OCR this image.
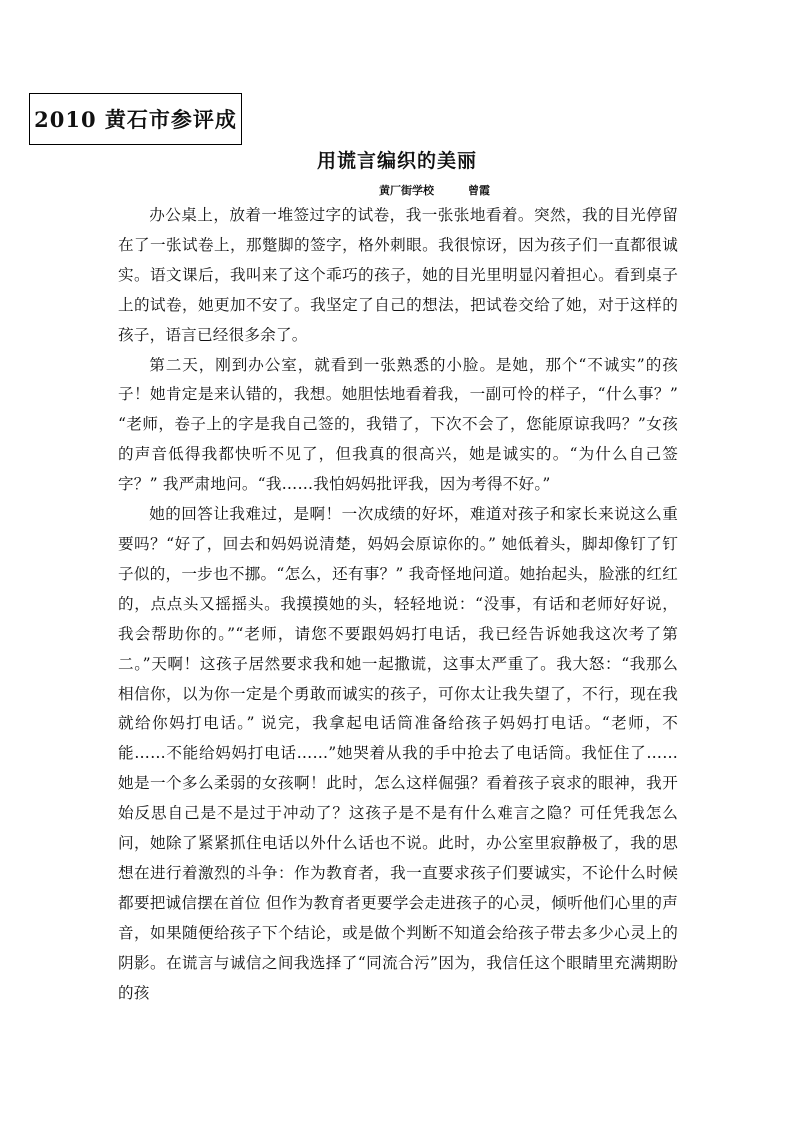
2010 黄石市参评成
用谎言编织的美丽
黄厂街学校	曾霞

办公桌上，放着一堆签过字的试卷，我一张张地看着。突然，我的目光停留在了一张试卷上，那蹩脚的签字，格外刺眼。我很惊讶，因为孩子们一直都很诚实。语文课后，我叫来了这个乖巧的孩子，她的目光里明显闪着担心。看到桌子上的试卷，她更加不安了。我坚定了自己的想法，把试卷交给了她，对于这样的孩子，语言已经很多余了。

第二天，刚到办公室，就看到一张熟悉的小脸。是她，那个“不诚实”的孩子！她肯定是来认错的，我想。她胆怯地看着我，一副可怜的样子，“什么事？” “老师，卷子上的字是我自己签的，我错了，下次不会了，您能原谅我吗？”女孩的声音低得我都快听不见了，但我真的很高兴，她是诚实的。“为什么自己签字？” 我严肃地问。“我……我怕妈妈批评我，因为考得不好。”

她的回答让我难过，是啊！一次成绩的好坏，难道对孩子和家长来说这么重要吗？“好了，回去和妈妈说清楚，妈妈会原谅你的。” 她低着头，脚却像钉了钉子似的，一步也不挪。“怎么，还有事？” 我奇怪地问道。她抬起头，脸涨的红红的，点点头又摇摇头。我摸摸她的头，轻轻地说：“没事，有话和老师好好说，我会帮助你的。”“老师，请您不要跟妈妈打电话，我已经告诉她我这次考了第二。”天啊！这孩子居然要求我和她一起撒谎，这事太严重了。我大怒：“我那么相信你，以为你一定是个勇敢而诚实的孩子，可你太让我失望了，不行，现在我就给你妈打电话。” 说完，我拿起电话筒准备给孩子妈妈打电话。“老师，不能……不能给妈妈打电话……”她哭着从我的手中抢去了电话筒。我怔住了……她是一个多么柔弱的女孩啊！此时，怎么这样倔强？看着孩子哀求的眼神，我开始反思自己是不是过于冲动了？这孩子是不是有什么难言之隐？可任凭我怎么问，她除了紧紧抓住电话以外什么话也不说。此时，办公室里寂静极了，我的思想在进行着激烈的斗争：作为教育者，我一直要求孩子们要诚实，不论什么时候都要把诚信摆在首位 但作为教育者更要学会走进孩子的心灵，倾听他们心里的声音，如果随便给孩子下个结论，或是做个判断不知道会给孩子带去多少心灵上的阴影。在谎言与诚信之间我选择了“同流合污”因为，我信任这个眼睛里充满期盼的孩
